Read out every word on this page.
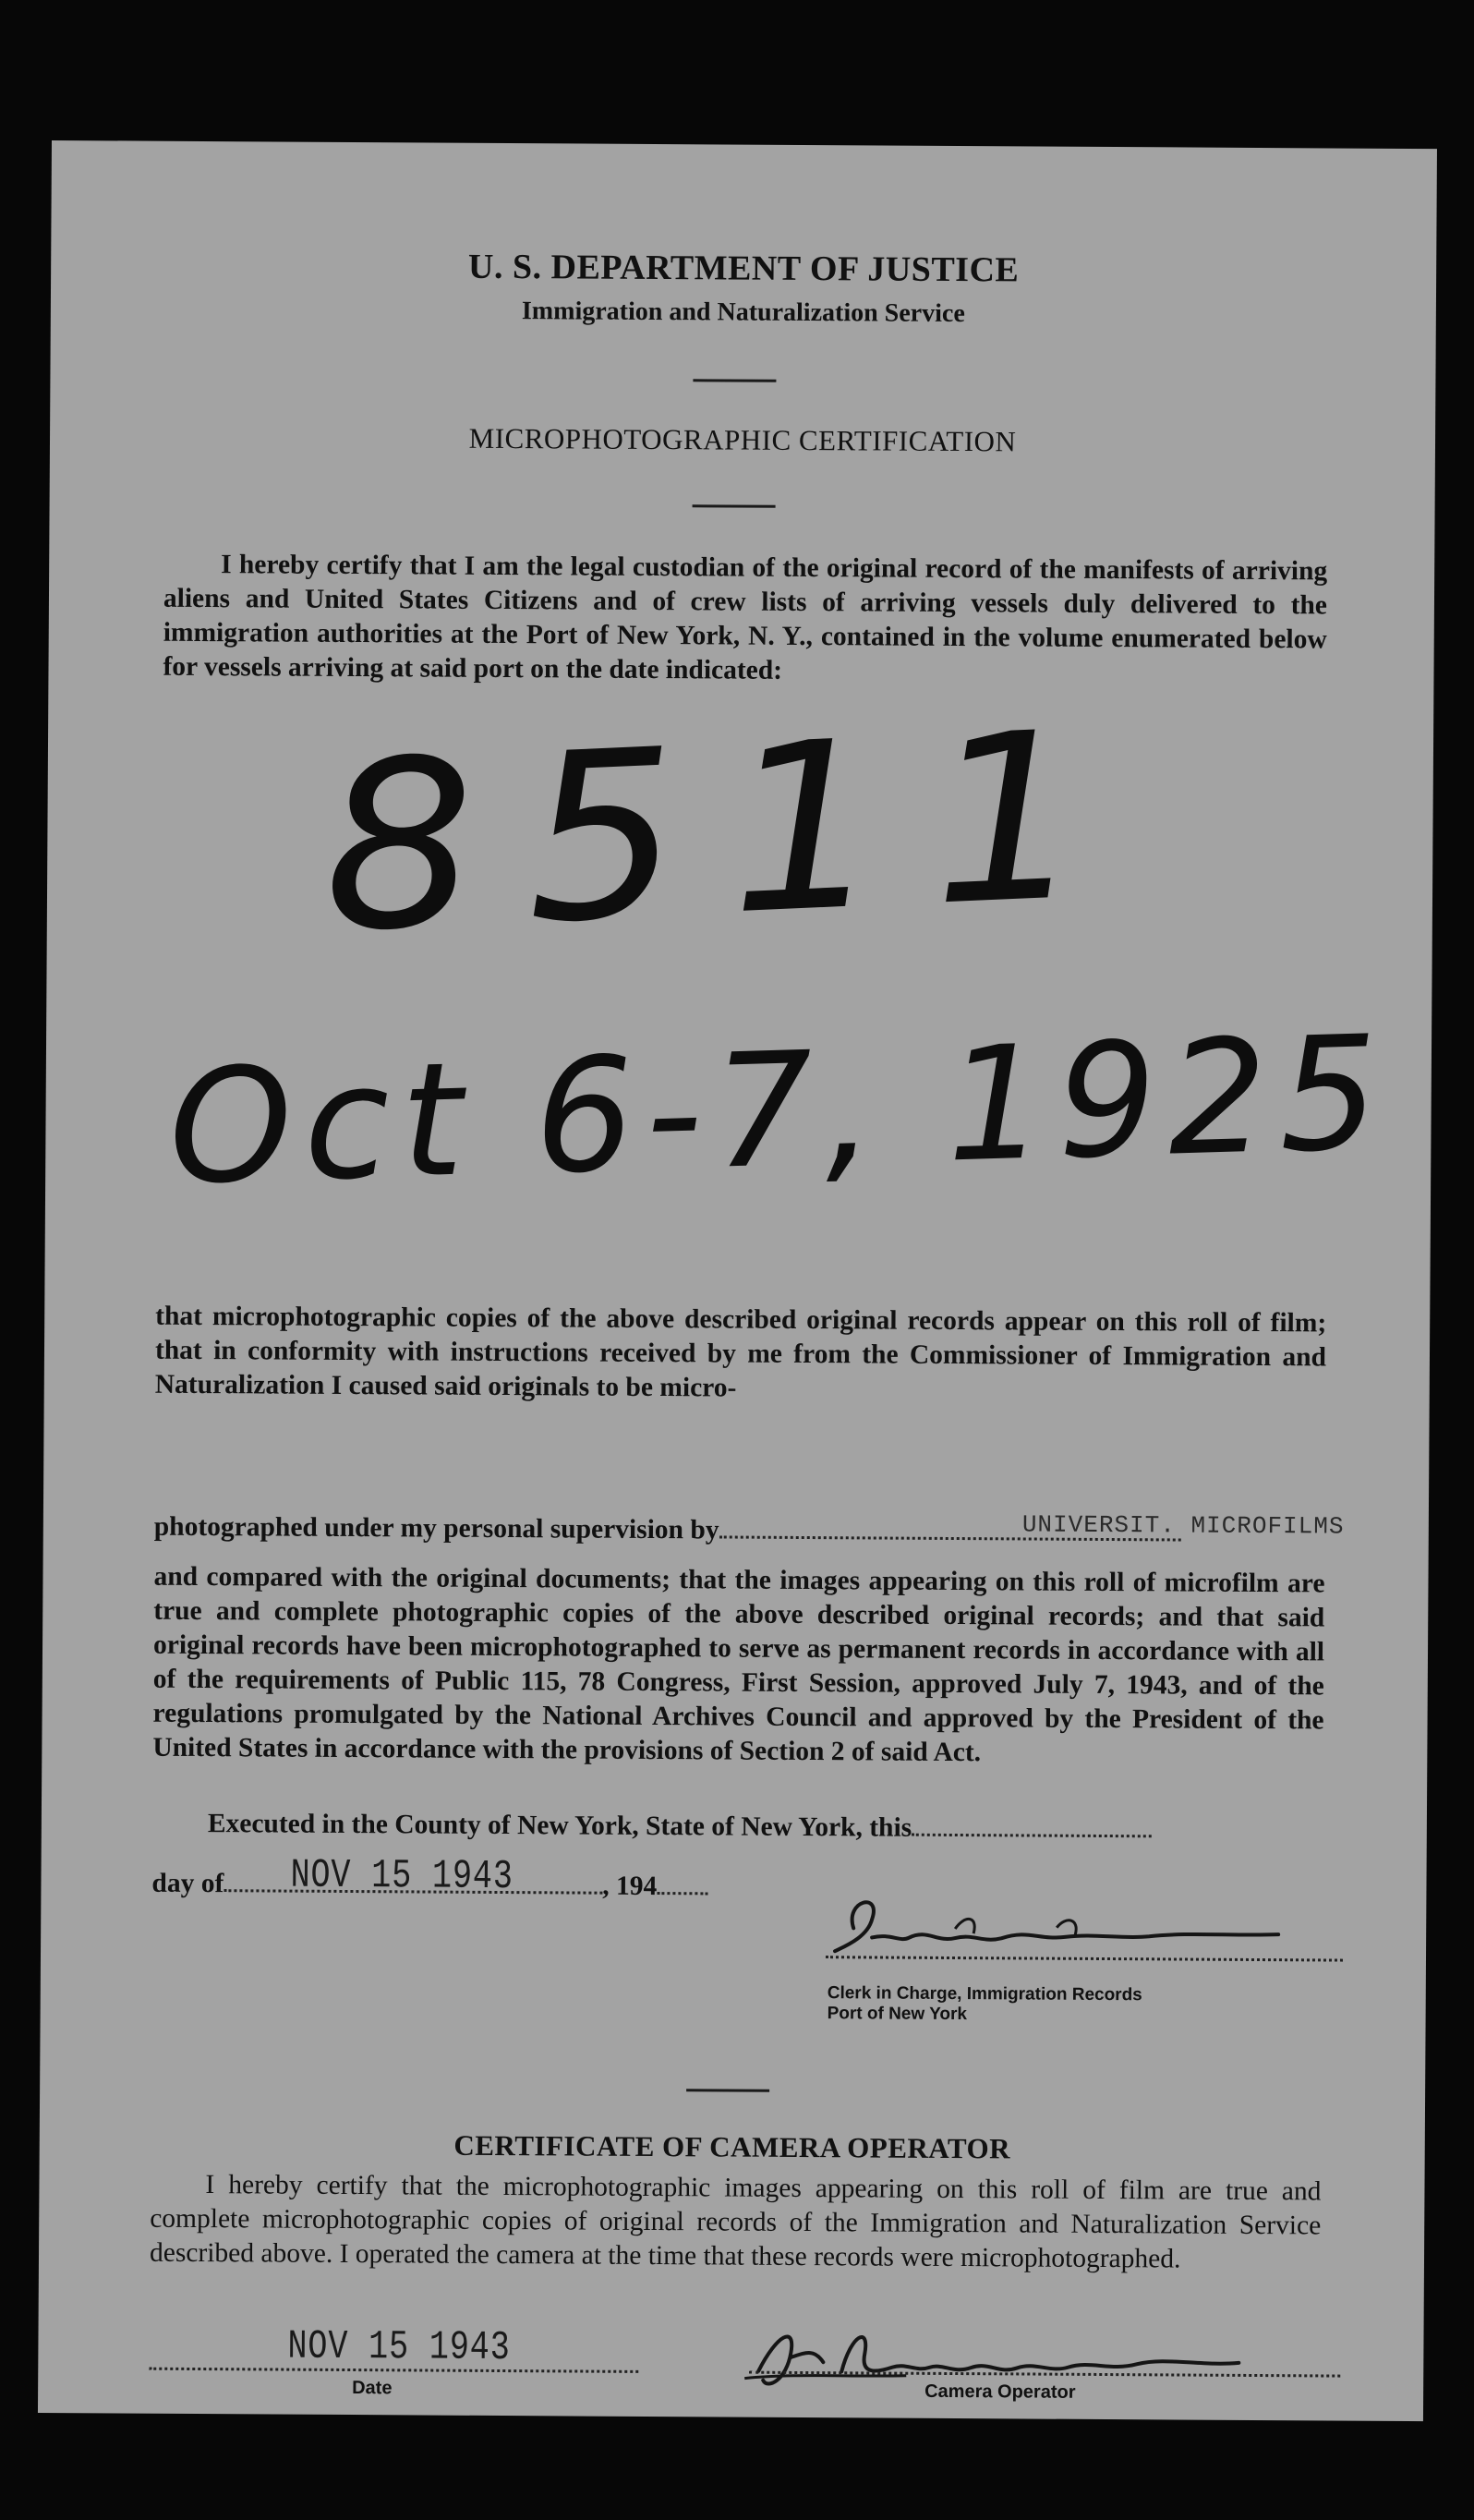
U. S. DEPARTMENT OF JUSTICE
Immigration and Naturalization Service
MICROPHOTOGRAPHIC CERTIFICATION

I hereby certify that I am the legal custodian of the original record of the manifests of arriving aliens and United States Citizens and of crew lists of arriving vessels duly delivered to the immigration authorities at the Port of New York, N. Y., contained in the volume enumerated below for vessels arriving at said port on the date indicated:

8511
Oct 6-7, 1925

that microphotographic copies of the above described original records appear on this roll of film; that in conformity with instructions received by me from the Commissioner of Immigration and Naturalization I caused said originals to be micro-

photographed under my personal supervision by	UNIVERSIT. MICROFILMS

and compared with the original documents; that the images appearing on this roll of microfilm are true and complete photographic copies of the above described original records; and that said original records have been microphotographed to serve as permanent records in accordance with all of the requirements of Public 115, 78 Congress, First Session, approved July 7, 1943, and of the regulations promulgated by the National Archives Council and approved by the President of the United States in accordance with the provisions of Section 2 of said Act.

Executed in the County of New York, State of New York, this
day of	, 194
NOV 15 1943
Clerk in Charge, Immigration Records
Port of New York
CERTIFICATE OF CAMERA OPERATOR

I hereby certify that the microphotographic images appearing on this roll of film are true and complete microphotographic copies of original records of the Immigration and Naturalization Service described above. I operated the camera at the time that these records were microphotographed.

NOV 15 1943
Date	Camera Operator
